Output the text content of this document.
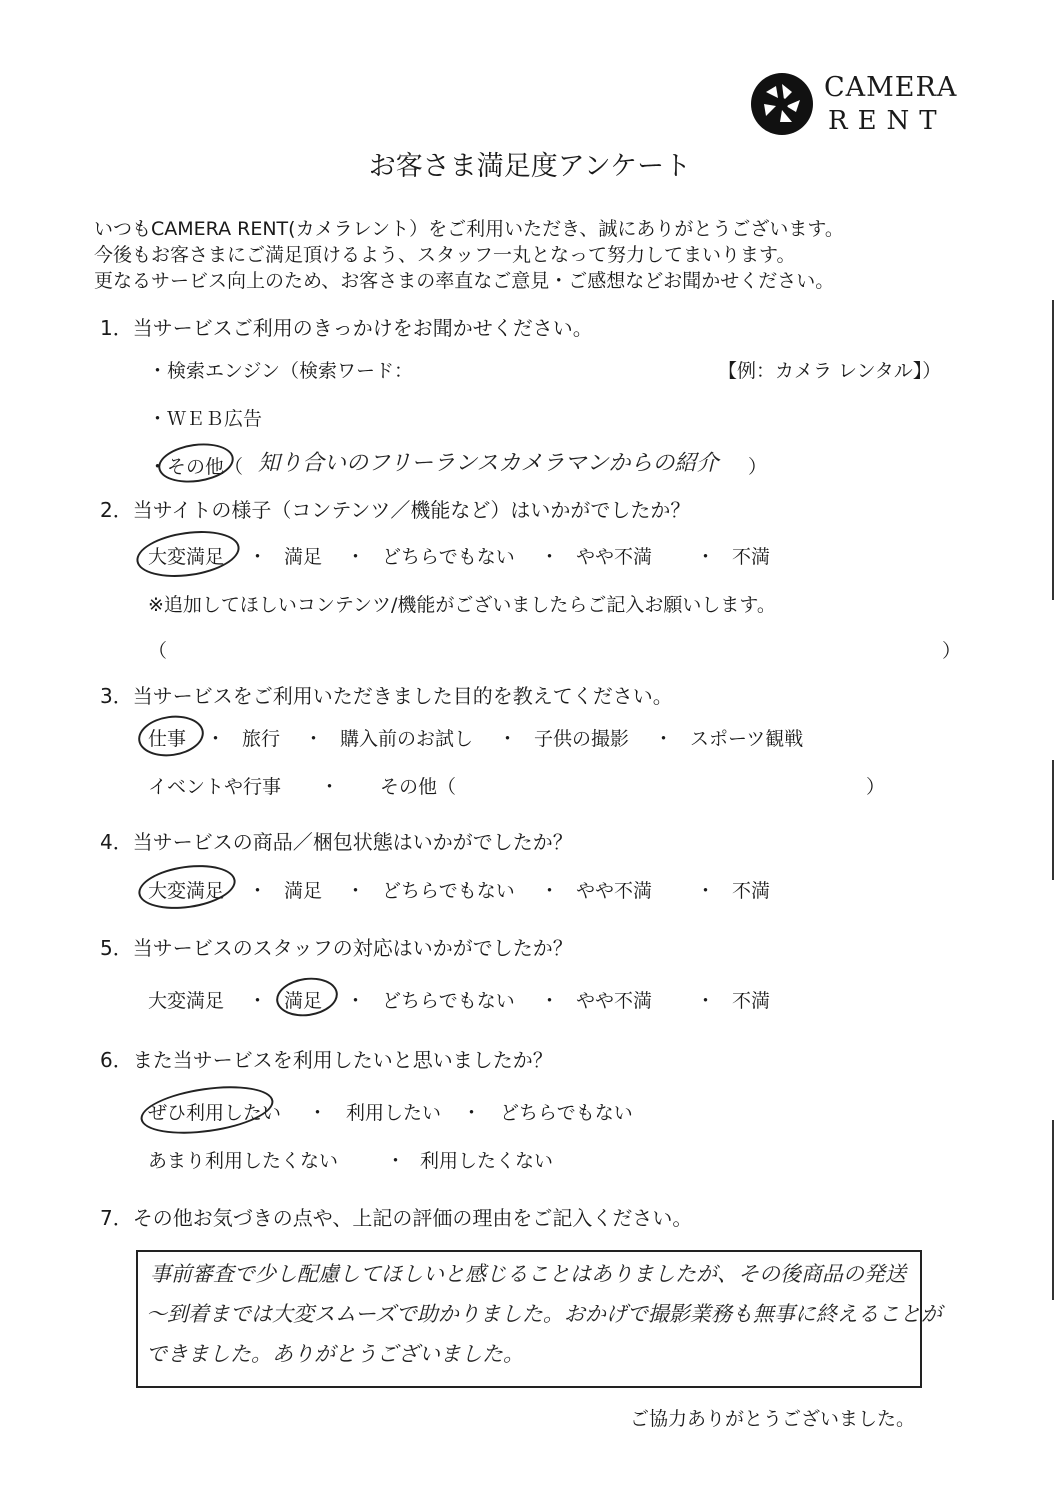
CAMERA
RENT
お客さま満足度アンケート
いつもCAMERA RENT(カメラレント）をご利用いただき、誠にありがとうございます。
今後もお客さまにご満足頂けるよう、スタッフ一丸となって努力してまいります。
更なるサービス向上のため、お客さまの率直なご意見・ご感想などお聞かせください。
1．当サービスご利用のきっかけをお聞かせください。
・検索エンジン（検索ワード：	【例：カメラ レンタル】）
・ＷＥＢ広告
・その他（ 知り合いのフリーランスカメラマンからの紹介 ）
2．当サイトの様子（コンテンツ／機能など）はいかがでしたか？
大変満足 ・ 満足 ・ どちらでもない ・ やや不満 ・ 不満
※追加してほしいコンテンツ/機能がございましたらご記入お願いします。
（	）
3．当サービスをご利用いただきました目的を教えてください。
仕事 ・ 旅行 ・ 購入前のお試し ・ 子供の撮影 ・ スポーツ観戦
イベントや行事 ・ その他（	）
4．当サービスの商品／梱包状態はいかがでしたか？
大変満足 ・ 満足 ・ どちらでもない ・ やや不満 ・ 不満
5．当サービスのスタッフの対応はいかがでしたか？
大変満足 ・ 満足 ・ どちらでもない ・ やや不満 ・ 不満
6．また当サービスを利用したいと思いましたか？
ぜひ利用したい ・ 利用したい ・ どちらでもない
あまり利用したくない	・ 利用したくない
7．その他お気づきの点や、上記の評価の理由をご記入ください。
事前審査で少し配慮してほしいと感じることはありましたが、その後商品の発送
～到着までは大変スムーズで助かりました。おかげで撮影業務も無事に終えることが
できました。ありがとうございました。
ご協力ありがとうございました。
